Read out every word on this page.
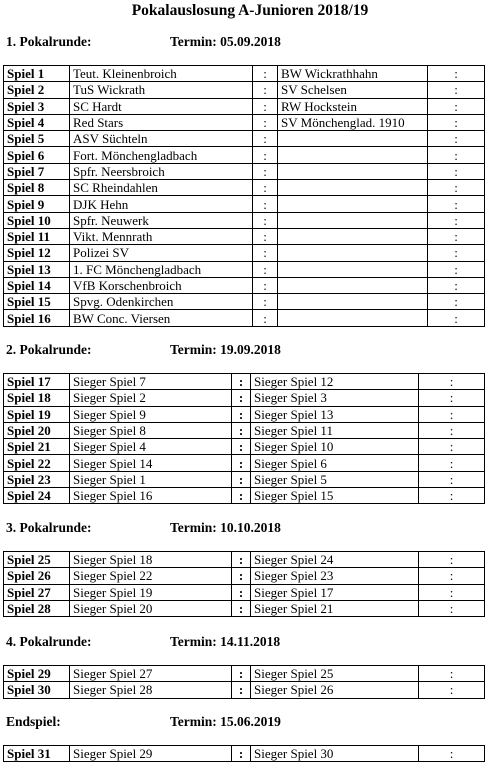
Pokalauslosung A-Junioren 2018/19
1. Pokalrunde:	Termin: 05.09.2018
Spiel 1	Teut. Kleinenbroich	:	BW Wickrathhahn	:
Spiel 2	TuS Wickrath	:	SV Schelsen	:
Spiel 3	SC Hardt	:	RW Hockstein	:
Spiel 4	Red Stars	:	SV Mönchenglad. 1910	:
Spiel 5	ASV Süchteln	:		:
Spiel 6	Fort. Mönchengladbach	:		:
Spiel 7	Spfr. Neersbroich	:		:
Spiel 8	SC Rheindahlen	:		:
Spiel 9	DJK Hehn	:		:
Spiel 10	Spfr. Neuwerk	:		:
Spiel 11	Vikt. Mennrath	:		:
Spiel 12	Polizei SV	:		:
Spiel 13	1. FC Mönchengladbach	:		:
Spiel 14	VfB Korschenbroich	:		:
Spiel 15	Spvg. Odenkirchen	:		:
Spiel 16	BW Conc. Viersen	:		:
2. Pokalrunde:	Termin: 19.09.2018
Spiel 17	Sieger Spiel 7	:	Sieger Spiel 12	:
Spiel 18	Sieger Spiel 2	:	Sieger Spiel 3	:
Spiel 19	Sieger Spiel 9	:	Sieger Spiel 13	:
Spiel 20	Sieger Spiel 8	:	Sieger Spiel 11	:
Spiel 21	Sieger Spiel 4	:	Sieger Spiel 10	:
Spiel 22	Sieger Spiel 14	:	Sieger Spiel 6	:
Spiel 23	Sieger Spiel 1	:	Sieger Spiel 5	:
Spiel 24	Sieger Spiel 16	:	Sieger Spiel 15	:
3. Pokalrunde:	Termin: 10.10.2018
Spiel 25	Sieger Spiel 18	:	Sieger Spiel 24	:
Spiel 26	Sieger Spiel 22	:	Sieger Spiel 23	:
Spiel 27	Sieger Spiel 19	:	Sieger Spiel 17	:
Spiel 28	Sieger Spiel 20	:	Sieger Spiel 21	:
4. Pokalrunde:	Termin: 14.11.2018
Spiel 29	Sieger Spiel 27	:	Sieger Spiel 25	:
Spiel 30	Sieger Spiel 28	:	Sieger Spiel 26	:
Endspiel:	Termin: 15.06.2019
Spiel 31	Sieger Spiel 29	:	Sieger Spiel 30	:
